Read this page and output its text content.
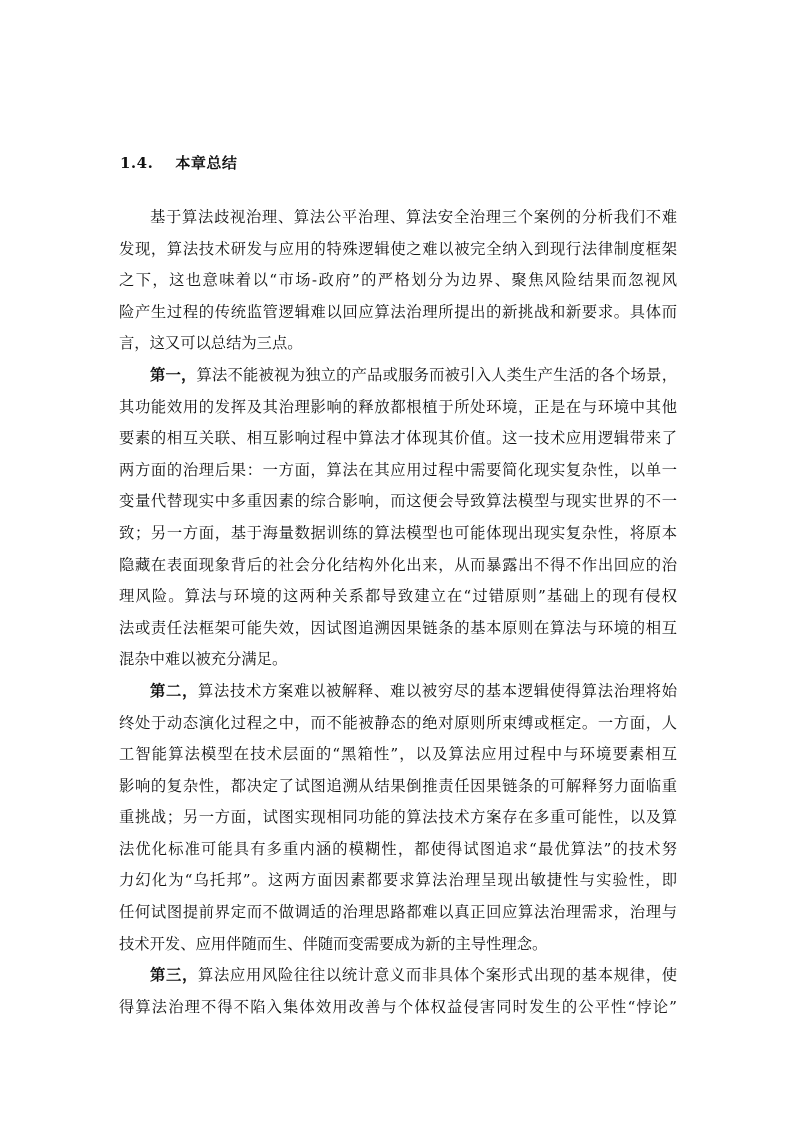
1.4. 本章总结
基于算法歧视治理、算法公平治理、算法安全治理三个案例的分析我们不难
发现，算法技术研发与应用的特殊逻辑使之难以被完全纳入到现行法律制度框架
之下，这也意味着以“市场-政府”的严格划分为边界、聚焦风险结果而忽视风
险产生过程的传统监管逻辑难以回应算法治理所提出的新挑战和新要求。具体而
言，这又可以总结为三点。
第一，算法不能被视为独立的产品或服务而被引入人类生产生活的各个场景，
其功能效用的发挥及其治理影响的释放都根植于所处环境，正是在与环境中其他
要素的相互关联、相互影响过程中算法才体现其价值。这一技术应用逻辑带来了
两方面的治理后果：一方面，算法在其应用过程中需要简化现实复杂性，以单一
变量代替现实中多重因素的综合影响，而这便会导致算法模型与现实世界的不一
致；另一方面，基于海量数据训练的算法模型也可能体现出现实复杂性，将原本
隐藏在表面现象背后的社会分化结构外化出来，从而暴露出不得不作出回应的治
理风险。算法与环境的这两种关系都导致建立在“过错原则”基础上的现有侵权
法或责任法框架可能失效，因试图追溯因果链条的基本原则在算法与环境的相互
混杂中难以被充分满足。
第二，算法技术方案难以被解释、难以被穷尽的基本逻辑使得算法治理将始
终处于动态演化过程之中，而不能被静态的绝对原则所束缚或框定。一方面，人
工智能算法模型在技术层面的“黑箱性”，以及算法应用过程中与环境要素相互
影响的复杂性，都决定了试图追溯从结果倒推责任因果链条的可解释努力面临重
重挑战；另一方面，试图实现相同功能的算法技术方案存在多重可能性，以及算
法优化标准可能具有多重内涵的模糊性，都使得试图追求“最优算法”的技术努
力幻化为“乌托邦”。这两方面因素都要求算法治理呈现出敏捷性与实验性，即
任何试图提前界定而不做调适的治理思路都难以真正回应算法治理需求，治理与
技术开发、应用伴随而生、伴随而变需要成为新的主导性理念。
第三，算法应用风险往往以统计意义而非具体个案形式出现的基本规律，使
得算法治理不得不陷入集体效用改善与个体权益侵害同时发生的公平性“悖论”
